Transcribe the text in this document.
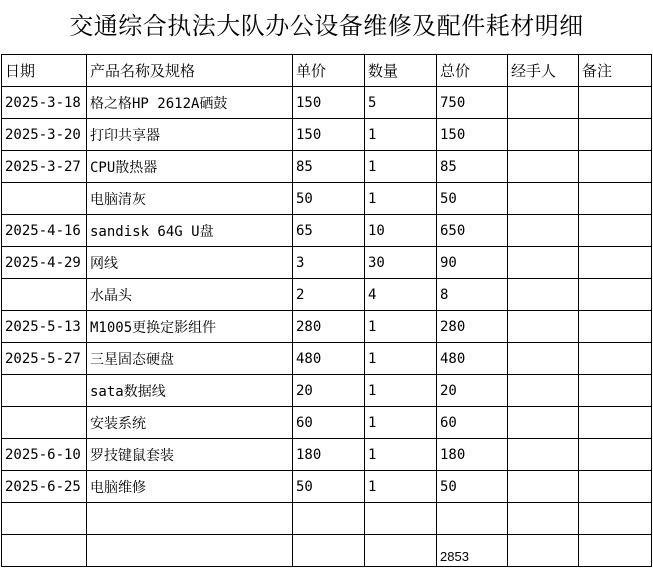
交通综合执法大队办公设备维修及配件耗材明细
日期	产品名称及规格	单价	数量	总价	经手人	备注
2025-3-18	格之格HP 2612A硒鼓	150	5	750		
2025-3-20	打印共享器	150	1	150		
2025-3-27	CPU散热器	85	1	85		
	电脑清灰	50	1	50		
2025-4-16	sandisk 64G U盘	65	10	650		
2025-4-29	网线	3	30	90		
	水晶头	2	4	8		
2025-5-13	M1005更换定影组件	280	1	280		
2025-5-27	三星固态硬盘	480	1	480		
	sata数据线	20	1	20		
	安装系统	60	1	60		
2025-6-10	罗技键鼠套装	180	1	180		
2025-6-25	电脑维修	50	1	50		

				2853		
